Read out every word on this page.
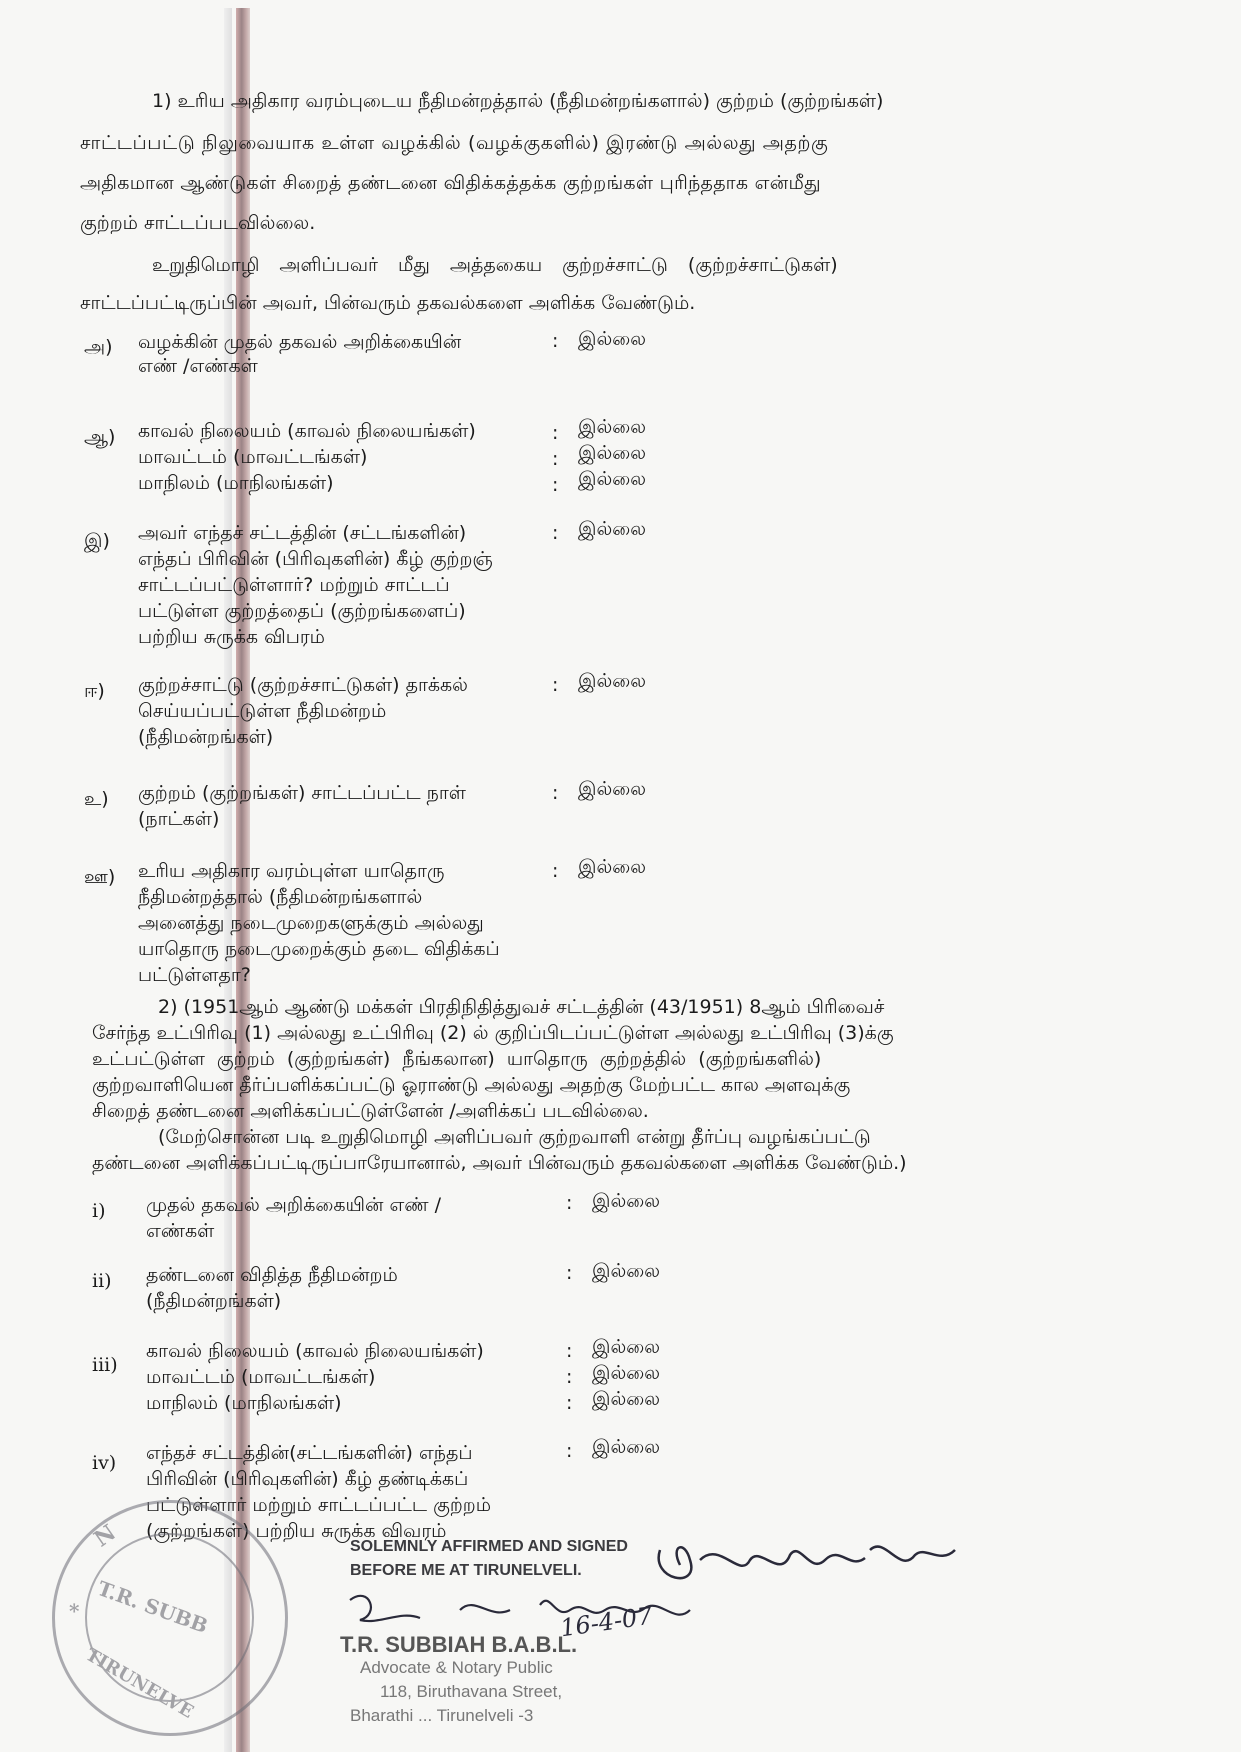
1) உரிய அதிகார வரம்புடைய நீதிமன்றத்தால் (நீதிமன்றங்களால்) குற்றம் (குற்றங்கள்)
சாட்டப்பட்டு நிலுவையாக உள்ள வழக்கில் (வழக்குகளில்) இரண்டு அல்லது அதற்கு
அதிகமான ஆண்டுகள் சிறைத் தண்டனை விதிக்கத்தக்க குற்றங்கள் புரிந்ததாக என்மீது
குற்றம் சாட்டப்படவில்லை.
உறுதிமொழி அளிப்பவர் மீது அத்தகைய குற்றச்சாட்டு (குற்றச்சாட்டுகள்)
சாட்டப்பட்டிருப்பின் அவர், பின்வரும் தகவல்களை அளிக்க வேண்டும்.
அ) வழக்கின் முதல் தகவல் அறிக்கையின்
எண் /எண்கள்
: இல்லை
ஆ) காவல் நிலையம் (காவல் நிலையங்கள்)
மாவட்டம் (மாவட்டங்கள்)
மாநிலம் (மாநிலங்கள்)
:
:
:
இல்லை
இல்லை
இல்லை
இ) அவர் எந்தச் சட்டத்தின் (சட்டங்களின்)
எந்தப் பிரிவின் (பிரிவுகளின்) கீழ் குற்றஞ்
சாட்டப்பட்டுள்ளார்? மற்றும் சாட்டப்
பட்டுள்ள குற்றத்தைப் (குற்றங்களைப்)
பற்றிய சுருக்க விபரம்
: இல்லை
ஈ) குற்றச்சாட்டு (குற்றச்சாட்டுகள்) தாக்கல்
செய்யப்பட்டுள்ள நீதிமன்றம்
(நீதிமன்றங்கள்)
: இல்லை
உ) குற்றம் (குற்றங்கள்) சாட்டப்பட்ட நாள்
(நாட்கள்)
: இல்லை
ஊ) உரிய அதிகார வரம்புள்ள யாதொரு
நீதிமன்றத்தால் (நீதிமன்றங்களால்
அனைத்து நடைமுறைகளுக்கும் அல்லது
யாதொரு நடைமுறைக்கும் தடை விதிக்கப்
பட்டுள்ளதா?
: இல்லை
2) (1951ஆம் ஆண்டு மக்கள் பிரதிநிதித்துவச் சட்டத்தின் (43/1951) 8ஆம் பிரிவைச்
சேர்ந்த உட்பிரிவு (1) அல்லது உட்பிரிவு (2) ல் குறிப்பிடப்பட்டுள்ள அல்லது உட்பிரிவு (3)க்கு
உட்பட்டுள்ள குற்றம் (குற்றங்கள்) நீங்கலான) யாதொரு குற்றத்தில் (குற்றங்களில்)
குற்றவாளியென தீர்ப்பளிக்கப்பட்டு ஓராண்டு அல்லது அதற்கு மேற்பட்ட கால அளவுக்கு
சிறைத் தண்டனை அளிக்கப்பட்டுள்ளேன் /அளிக்கப் படவில்லை.
(மேற்சொன்ன படி உறுதிமொழி அளிப்பவர் குற்றவாளி என்று தீர்ப்பு வழங்கப்பட்டு
தண்டனை அளிக்கப்பட்டிருப்பாரேயானால், அவர் பின்வரும் தகவல்களை அளிக்க வேண்டும்.)
i) முதல் தகவல் அறிக்கையின் எண் /
எண்கள்
: இல்லை
ii) தண்டனை விதித்த நீதிமன்றம்
(நீதிமன்றங்கள்)
: இல்லை
iii)
காவல் நிலையம் (காவல் நிலையங்கள்)
மாவட்டம் (மாவட்டங்கள்)
மாநிலம் (மாநிலங்கள்)
:
:
:
இல்லை
இல்லை
இல்லை
iv) எந்தச் சட்டத்தின்(சட்டங்களின்) எந்தப்
பிரிவின் (பிரிவுகளின்) கீழ் தண்டிக்கப்
பட்டுள்ளார் மற்றும் சாட்டப்பட்ட குற்றம்
(குற்றங்கள்) பற்றிய சுருக்க விவரம்
: இல்லை
N
T.R. SUBB
TIRUNELVE
*
SOLEMNLY AFFIRMED AND SIGNED
BEFORE ME AT TIRUNELVELI.
T.R. SUBBIAH B.A.B.L.
Advocate & Notary Public
118, Biruthavana Street,
Bharathi ... Tirunelveli -3
16-4-07
